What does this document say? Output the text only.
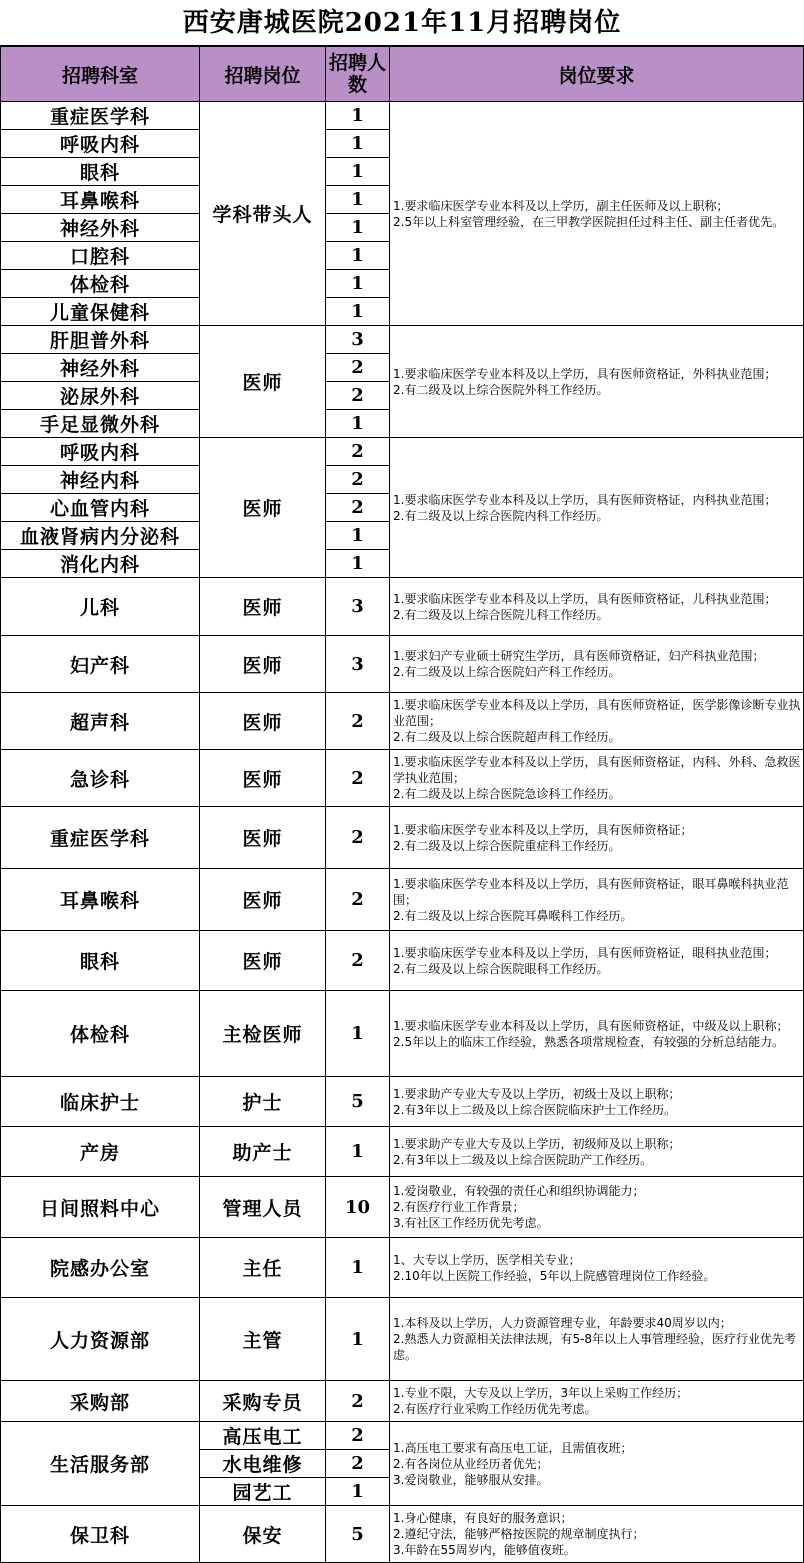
西安唐城医院2021年11月招聘岗位
招聘科室	招聘岗位	招聘人数	岗位要求
重症医学科	学科带头人	1	1.要求临床医学专业本科及以上学历，副主任医师及以上职称；
2.5年以上科室管理经验，在三甲教学医院担任过科主任、副主任者优先。

呼吸内科		1	
眼科		1	
耳鼻喉科		1	
神经外科		1	
口腔科		1	
体检科		1	
儿童保健科		1	
肝胆普外科	医师	3	1.要求临床医学专业本科及以上学历，具有医师资格证，外科执业范围；
2.有二级及以上综合医院外科工作经历。

神经外科		2	
泌尿外科		2	
手足显微外科		1	
呼吸内科	医师	2	1.要求临床医学专业本科及以上学历，具有医师资格证，内科执业范围；
2.有二级及以上综合医院内科工作经历。

神经内科		2	
心血管内科		2	
血液肾病内分泌科		1	
消化内科		1	
儿科	医师	3	1.要求临床医学专业本科及以上学历，具有医师资格证，儿科执业范围；
2.有二级及以上综合医院儿科工作经历。

妇产科	医师	3	1.要求妇产专业硕士研究生学历，具有医师资格证，妇产科执业范围；
2.有二级及以上综合医院妇产科工作经历。

超声科	医师	2	1.要求临床医学专业本科及以上学历，具有医师资格证，医学影像诊断专业执业范围；
2.有二级及以上综合医院超声科工作经历。

急诊科	医师	2	1.要求临床医学专业本科及以上学历，具有医师资格证，内科、外科、急救医学执业范围；
2.有二级及以上综合医院急诊科工作经历。

重症医学科	医师	2	1.要求临床医学专业本科及以上学历，具有医师资格证；
2.有二级及以上综合医院重症科工作经历。

耳鼻喉科	医师	2	1.要求临床医学专业本科及以上学历，具有医师资格证，眼耳鼻喉科执业范围；
2.有二级及以上综合医院耳鼻喉科工作经历。

眼科	医师	2	1.要求临床医学专业本科及以上学历，具有医师资格证，眼科执业范围；
2.有二级及以上综合医院眼科工作经历。

体检科	主检医师	1	1.要求临床医学专业本科及以上学历，具有医师资格证，中级及以上职称；
2.5年以上的临床工作经验，熟悉各项常规检查，有较强的分析总结能力。

临床护士	护士	5	1.要求助产专业大专及以上学历，初级士及以上职称；
2.有3年以上二级及以上综合医院临床护士工作经历。

产房	助产士	1	1.要求助产专业大专及以上学历，初级师及以上职称；
2.有3年以上二级及以上综合医院助产工作经历。

日间照料中心	管理人员	10	1.爱岗敬业，有较强的责任心和组织协调能力；
2.有医疗行业工作背景；
3.有社区工作经历优先考虑。

院感办公室	主任	1	1、大专以上学历，医学相关专业；
2.10年以上医院工作经验，5年以上院感管理岗位工作经验。

人力资源部	主管	1	1.本科及以上学历，人力资源管理专业，年龄要求40周岁以内；
2.熟悉人力资源相关法律法规，有5-8年以上人事管理经验，医疗行业优先考虑。

采购部	采购专员	2	1.专业不限，大专及以上学历，3年以上采购工作经历；
2.有医疗行业采购工作经历优先考虑。

生活服务部	高压电工	2	1.高压电工要求有高压电工证，且需值夜班；
2.有各岗位从业经历者优先；
3.爱岗敬业，能够服从安排。

	水电维修	2	
	园艺工	1	
保卫科	保安	5	1.身心健康，有良好的服务意识；
2.遵纪守法，能够严格按医院的规章制度执行；
3.年龄在55周岁内，能够值夜班。
